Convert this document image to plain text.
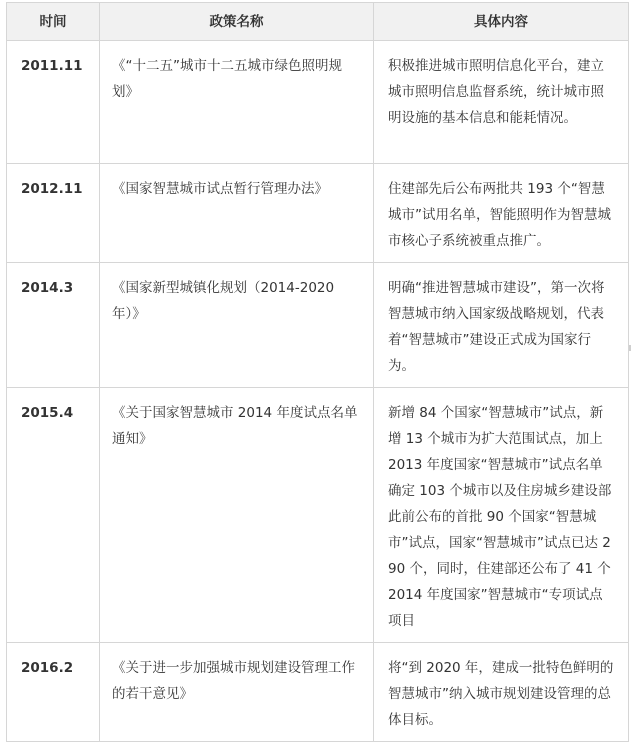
时间	政策名称	具体内容
2011.11	《“十二五”城市十二五城市绿色照明规划》	积极推进城市照明信息化平台，建立城市照明信息监督系统，统计城市照明设施的基本信息和能耗情况。
2012.11	《国家智慧城市试点暂行管理办法》	住建部先后公布两批共 193 个“智慧城市”试用名单，智能照明作为智慧城市核心子系统被重点推广。
2014.3	《国家新型城镇化规划（2014-2020年）》	明确“推进智慧城市建设”，第一次将智慧城市纳入国家级战略规划，代表着“智慧城市”建设正式成为国家行为。
2015.4	《关于国家智慧城市 2014 年度试点名单通知》	新增 84 个国家“智慧城市”试点，新增 13 个城市为扩大范围试点，加上 2013 年度国家“智慧城市”试点名单确定 103 个城市以及住房城乡建设部此前公布的首批 90 个国家“智慧城市”试点，国家“智慧城市”试点已达 290 个，同时，住建部还公布了 41 个 2014 年度国家”智慧城市“专项试点项目
2016.2	《关于进一步加强城市规划建设管理工作的若干意见》	将“到 2020 年，建成一批特色鲜明的智慧城市”纳入城市规划建设管理的总体目标。
